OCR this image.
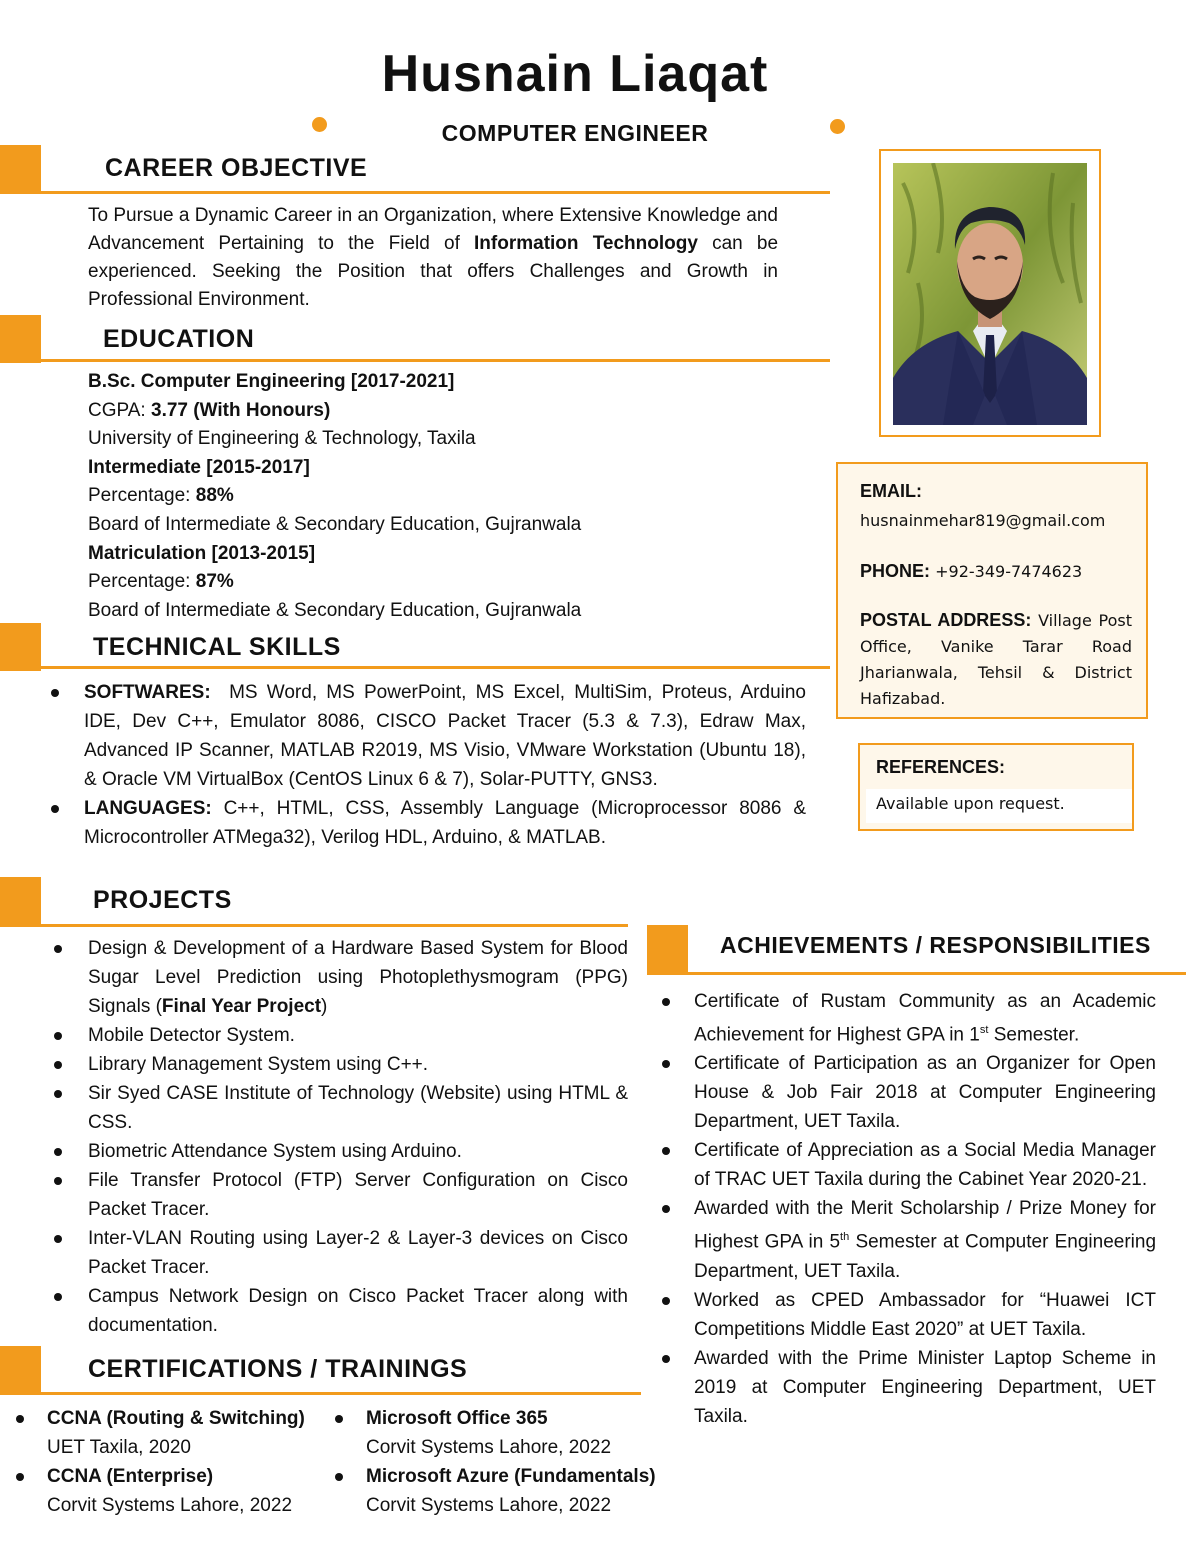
Husnain Liaqat
COMPUTER ENGINEER
CAREER OBJECTIVE
To Pursue a Dynamic Career in an Organization, where Extensive Knowledge and Advancement Pertaining to the Field of Information Technology can be experienced. Seeking the Position that offers Challenges and Growth in Professional Environment.
EDUCATION
B.Sc. Computer Engineering [2017-2021]
CGPA: 3.77 (With Honours)
University of Engineering & Technology, Taxila
Intermediate [2015-2017]
Percentage: 88%
Board of Intermediate & Secondary Education, Gujranwala
Matriculation [2013-2015]
Percentage: 87%
Board of Intermediate & Secondary Education, Gujranwala
TECHNICAL SKILLS
SOFTWARES: MS Word, MS PowerPoint, MS Excel, MultiSim, Proteus, Arduino IDE, Dev C++, Emulator 8086, CISCO Packet Tracer (5.3 & 7.3), Edraw Max, Advanced IP Scanner, MATLAB R2019, MS Visio, VMware Workstation (Ubuntu 18), & Oracle VM VirtualBox (CentOS Linux 6 & 7), Solar-PUTTY, GNS3.
LANGUAGES: C++, HTML, CSS, Assembly Language (Microprocessor 8086 & Microcontroller ATMega32), Verilog HDL, Arduino, & MATLAB.
PROJECTS
Design & Development of a Hardware Based System for Blood Sugar Level Prediction using Photoplethysmogram (PPG) Signals (Final Year Project)
Mobile Detector System.
Library Management System using C++.
Sir Syed CASE Institute of Technology (Website) using HTML & CSS.
Biometric Attendance System using Arduino.
File Transfer Protocol (FTP) Server Configuration on Cisco Packet Tracer.
Inter-VLAN Routing using Layer-2 & Layer-3 devices on Cisco Packet Tracer.
Campus Network Design on Cisco Packet Tracer along with documentation.
CERTIFICATIONS / TRAININGS
CCNA (Routing & Switching)
UET Taxila, 2020
CCNA (Enterprise)
Corvit Systems Lahore, 2022
Microsoft Office 365
Corvit Systems Lahore, 2022
Microsoft Azure (Fundamentals)
Corvit Systems Lahore, 2022
ACHIEVEMENTS / RESPONSIBILITIES
Certificate of Rustam Community as an Academic Achievement for Highest GPA in 1st Semester.
Certificate of Participation as an Organizer for Open House & Job Fair 2018 at Computer Engineering Department, UET Taxila.
Certificate of Appreciation as a Social Media Manager of TRAC UET Taxila during the Cabinet Year 2020-21.
Awarded with the Merit Scholarship / Prize Money for Highest GPA in 5th Semester at Computer Engineering Department, UET Taxila.
Worked as CPED Ambassador for “Huawei ICT Competitions Middle East 2020” at UET Taxila.
Awarded with the Prime Minister Laptop Scheme in 2019 at Computer Engineering Department, UET Taxila.
EMAIL:
husnainmehar819@gmail.com
PHONE: +92-349-7474623
POSTAL ADDRESS: Village Post Office, Vanike Tarar Road Jharianwala, Tehsil & District Hafizabad.
REFERENCES:
Available upon request.
